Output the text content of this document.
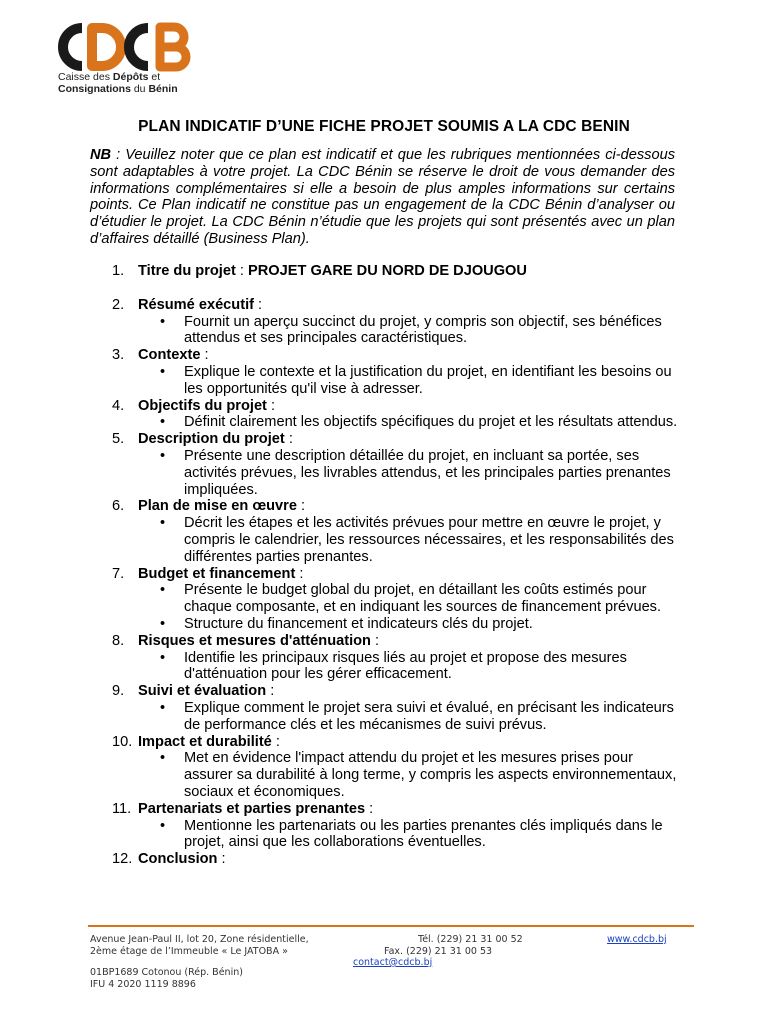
Caisse des Dépôts et
Consignations du Bénin
PLAN INDICATIF D’UNE FICHE PROJET SOUMIS A LA CDC BENIN
NB : Veuillez noter que ce plan est indicatif et que les rubriques mentionnées ci-dessous sont adaptables à votre projet. La CDC Bénin se réserve le droit de vous demander des informations complémentaires si elle a besoin de plus amples informations sur certains points. Ce Plan indicatif ne constitue pas un engagement de la CDC Bénin d’analyser ou d’étudier le projet. La CDC Bénin n’étudie que les projets qui sont présentés avec un plan d’affaires détaillé (Business Plan).
1. Titre du projet : PROJET GARE DU NORD DE DJOUGOU
2. Résumé exécutif :
• Fournit un aperçu succinct du projet, y compris son objectif, ses bénéfices attendus et ses principales caractéristiques.
3. Contexte :
• Explique le contexte et la justification du projet, en identifiant les besoins ou les opportunités qu'il vise à adresser.
4. Objectifs du projet :
• Définit clairement les objectifs spécifiques du projet et les résultats attendus.
5. Description du projet :
• Présente une description détaillée du projet, en incluant sa portée, ses activités prévues, les livrables attendus, et les principales parties prenantes impliquées.
6. Plan de mise en œuvre :
• Décrit les étapes et les activités prévues pour mettre en œuvre le projet, y compris le calendrier, les ressources nécessaires, et les responsabilités des différentes parties prenantes.
7. Budget et financement :
• Présente le budget global du projet, en détaillant les coûts estimés pour chaque composante, et en indiquant les sources de financement prévues.
• Structure du financement et indicateurs clés du projet.
8. Risques et mesures d'atténuation :
• Identifie les principaux risques liés au projet et propose des mesures d'atténuation pour les gérer efficacement.
9. Suivi et évaluation :
• Explique comment le projet sera suivi et évalué, en précisant les indicateurs de performance clés et les mécanismes de suivi prévus.
10. Impact et durabilité :
• Met en évidence l'impact attendu du projet et les mesures prises pour assurer sa durabilité à long terme, y compris les aspects environnementaux, sociaux et économiques.
11. Partenariats et parties prenantes :
• Mentionne les partenariats ou les parties prenantes clés impliqués dans le projet, ainsi que les collaborations éventuelles.
12. Conclusion :
Avenue Jean-Paul II, lot 20, Zone résidentielle,
2ème étage de l’Immeuble « Le JATOBA »
01BP1689 Cotonou (Rép. Bénin)
IFU 4 2020 1119 8896
Tél. (229) 21 31 00 52
Fax. (229) 21 31 00 53
contact@cdcb.bj
www.cdcb.bj
